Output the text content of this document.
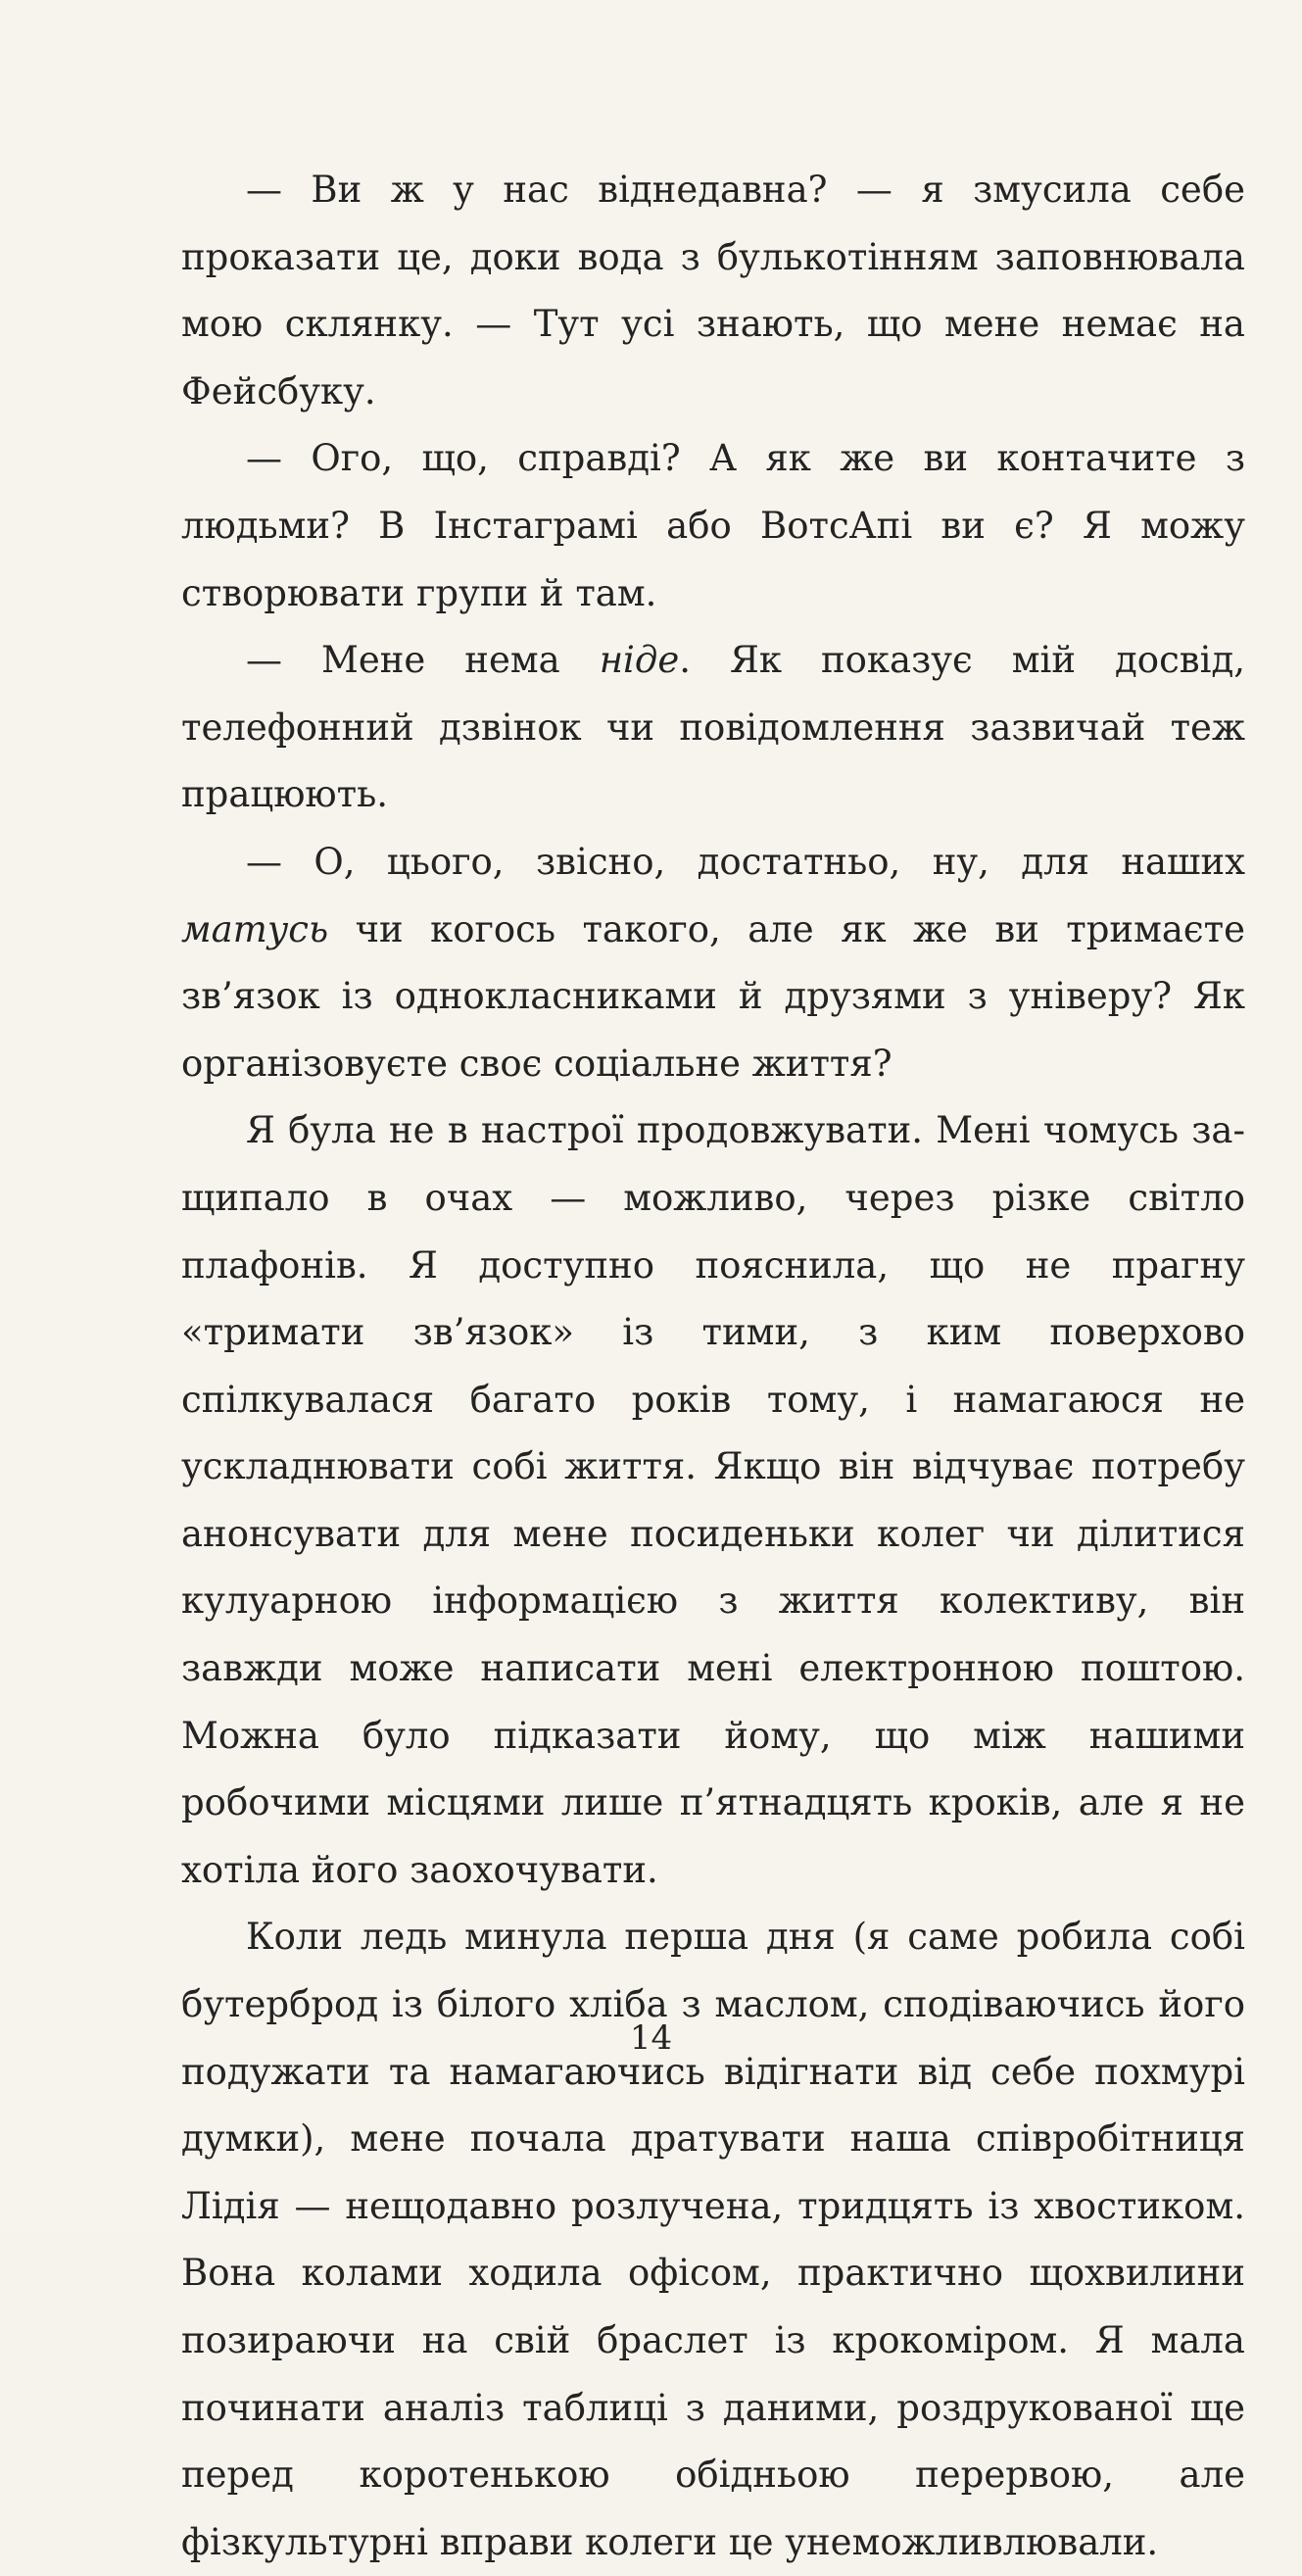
— Ви ж у нас віднедавна? — я змусила себе проказати це, доки вода з булькотінням заповнювала мою склянку. — Тут усі знають, що мене немає на Фейсбуку.

— Ого, що, справді? А як же ви контачите з людьми? В Інстаграмі або ВотсАпі ви є? Я можу створювати групи й там.

— Мене нема ніде. Як показує мій досвід, телефонний дзвінок чи повідомлення зазвичай теж працюють.

— О, цього, звісно, достатньо, ну, для наших матусь чи когось такого, але як же ви тримаєте зв’язок із однокласниками й друзями з універу? Як організовуєте своє соціальне життя?

Я була не в настрої продовжувати. Мені чомусь защипало в очах — можливо, через різке світло плафонів. Я доступно пояснила, що не прагну «тримати зв’язок» із тими, з ким поверхово спілкувалася багато років тому, і намагаюся не ускладнювати собі життя. Якщо він відчуває потребу анонсувати для мене посиденьки колег чи ділитися кулуарною інформацією з життя колективу, він завжди може написати мені електронною поштою. Можна було підказати йому, що між нашими робочими місцями лише п’ятнадцять кроків, але я не хотіла його заохочувати.

Коли ледь минула перша дня (я саме робила собі бутерброд із білого хліба з маслом, сподіваючись його подужати та намагаючись відігнати від себе похмурі думки), мене почала дратувати наша співробітниця Лідія — нещодавно розлучена, тридцять із хвостиком. Вона колами ходила офісом, практично щохвилини позираючи на свій браслет із крокоміром. Я мала починати аналіз таблиці з даними, роздрукованої ще перед коротенькою обідньою перервою, але фізкультурні вправи колеги це унеможливлювали.

14
